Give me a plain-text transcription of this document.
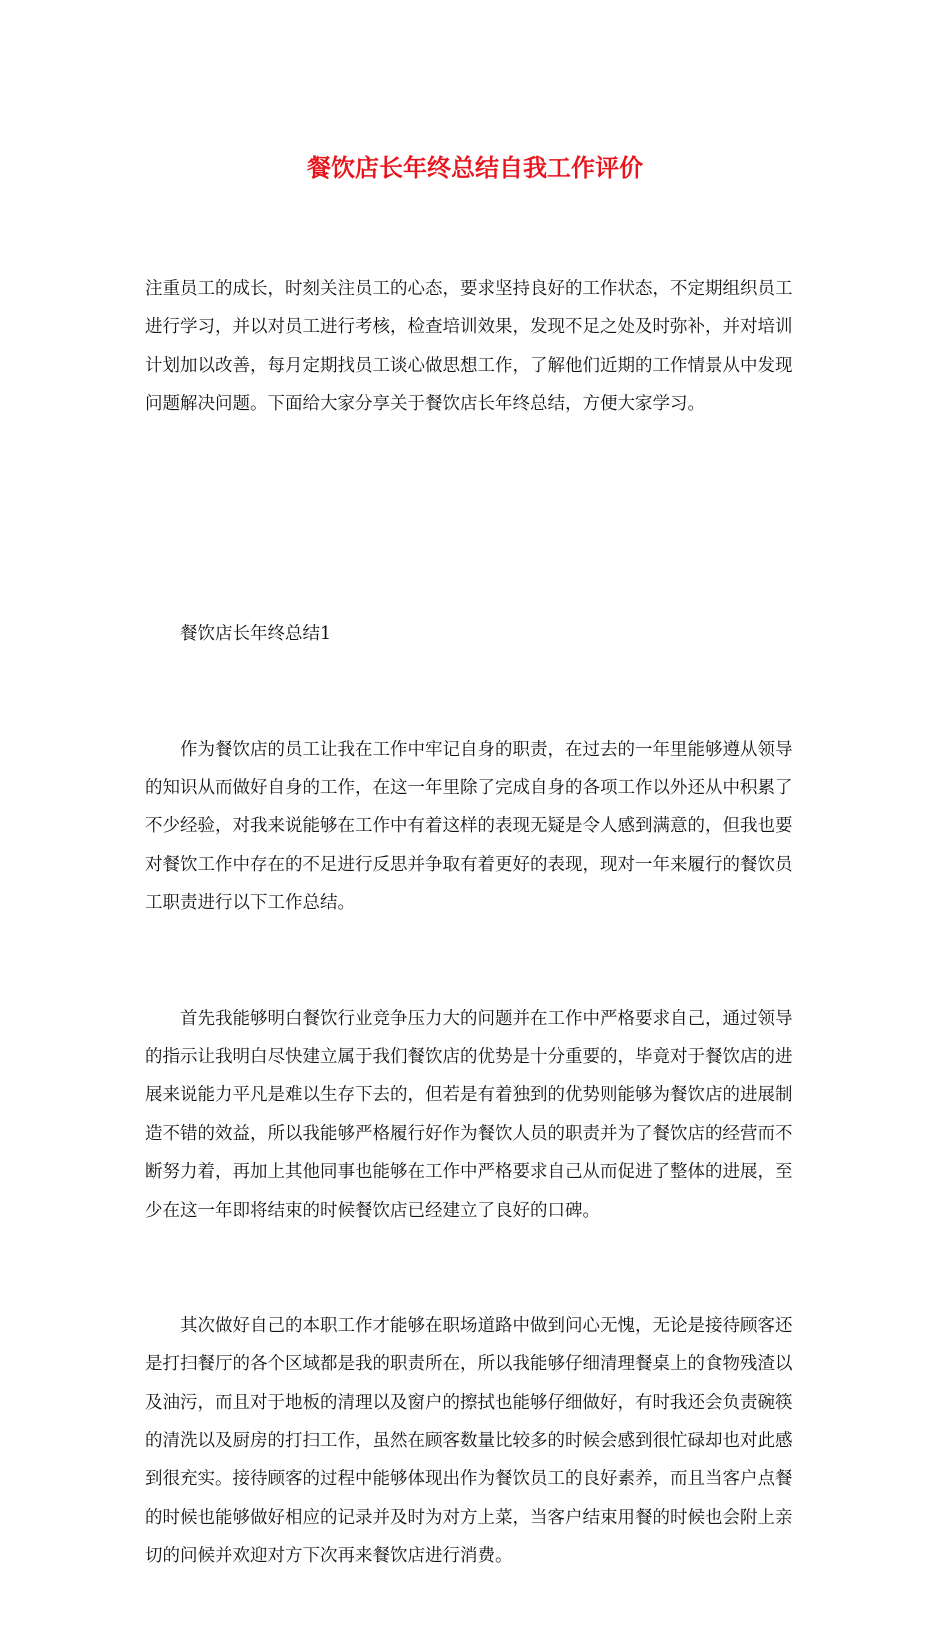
餐饮店长年终总结自我工作评价

注重员工的成长，时刻关注员工的心态，要求坚持良好的工作状态，不定期组织员工进行学习，并以对员工进行考核，检查培训效果，发现不足之处及时弥补，并对培训计划加以改善，每月定期找员工谈心做思想工作，了解他们近期的工作情景从中发现问题解决问题。下面给大家分享关于餐饮店长年终总结，方便大家学习。

餐饮店长年终总结1

作为餐饮店的员工让我在工作中牢记自身的职责，在过去的一年里能够遵从领导的知识从而做好自身的工作，在这一年里除了完成自身的各项工作以外还从中积累了不少经验，对我来说能够在工作中有着这样的表现无疑是令人感到满意的，但我也要对餐饮工作中存在的不足进行反思并争取有着更好的表现，现对一年来履行的餐饮员工职责进行以下工作总结。

首先我能够明白餐饮行业竞争压力大的问题并在工作中严格要求自己，通过领导的指示让我明白尽快建立属于我们餐饮店的优势是十分重要的，毕竟对于餐饮店的进展来说能力平凡是难以生存下去的，但若是有着独到的优势则能够为餐饮店的进展制造不错的效益，所以我能够严格履行好作为餐饮人员的职责并为了餐饮店的经营而不断努力着，再加上其他同事也能够在工作中严格要求自己从而促进了整体的进展，至少在这一年即将结束的时候餐饮店已经建立了良好的口碑。

其次做好自己的本职工作才能够在职场道路中做到问心无愧，无论是接待顾客还是打扫餐厅的各个区域都是我的职责所在，所以我能够仔细清理餐桌上的食物残渣以及油污，而且对于地板的清理以及窗户的擦拭也能够仔细做好，有时我还会负责碗筷的清洗以及厨房的打扫工作，虽然在顾客数量比较多的时候会感到很忙碌却也对此感到很充实。接待顾客的过程中能够体现出作为餐饮员工的良好素养，而且当客户点餐的时候也能够做好相应的记录并及时为对方上菜，当客户结束用餐的时候也会附上亲切的问候并欢迎对方下次再来餐饮店进行消费。
